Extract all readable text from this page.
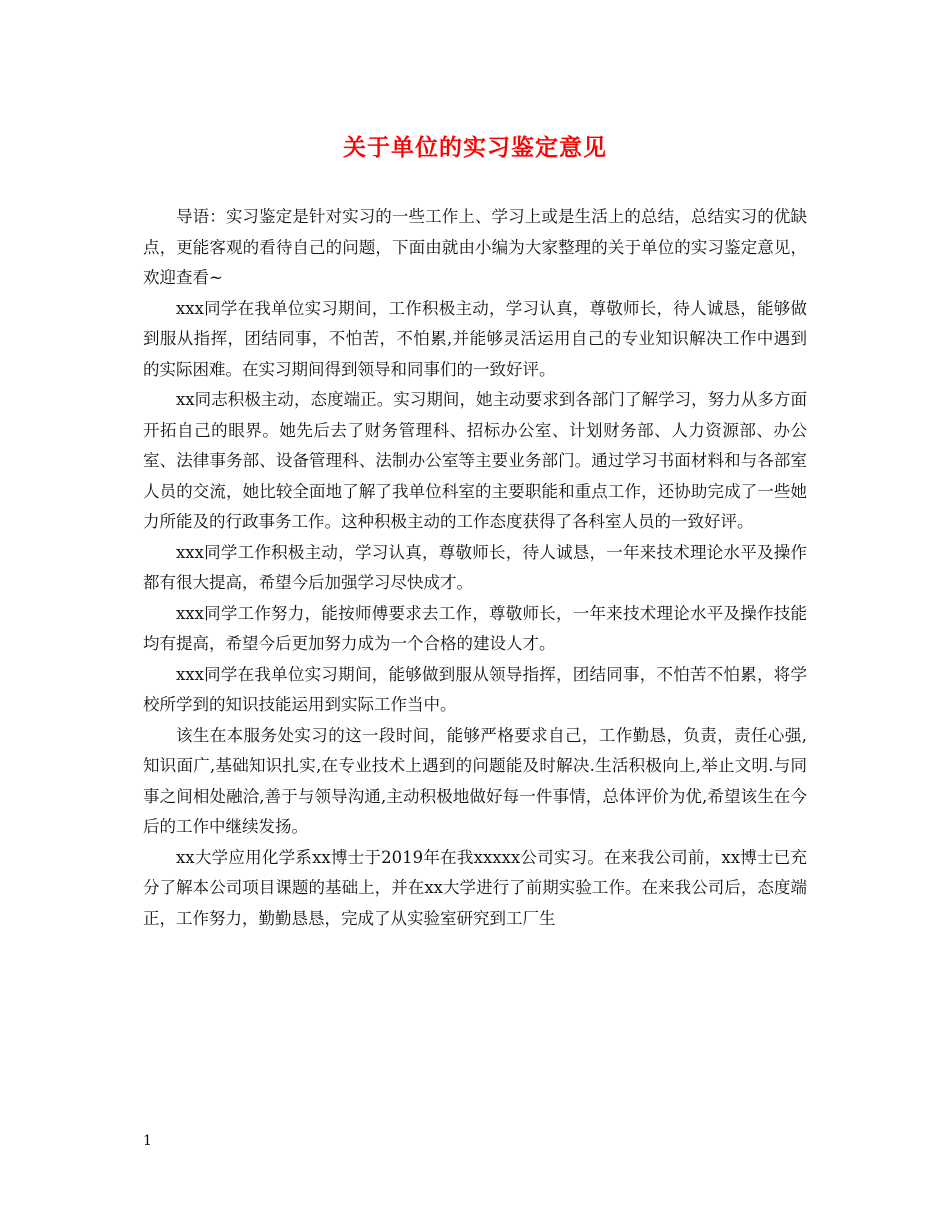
关于单位的实习鉴定意见

导语：实习鉴定是针对实习的一些工作上、学习上或是生活上的总结，总结实习的优缺点，更能客观的看待自己的问题，下面由就由小编为大家整理的关于单位的实习鉴定意见，欢迎查看~

xxx同学在我单位实习期间，工作积极主动，学习认真，尊敬师长，待人诚恳，能够做到服从指挥，团结同事，不怕苦，不怕累,并能够灵活运用自己的专业知识解决工作中遇到的实际困难。在实习期间得到领导和同事们的一致好评。

xx同志积极主动，态度端正。实习期间，她主动要求到各部门了解学习，努力从多方面开拓自己的眼界。她先后去了财务管理科、招标办公室、计划财务部、人力资源部、办公室、法律事务部、设备管理科、法制办公室等主要业务部门。通过学习书面材料和与各部室人员的交流，她比较全面地了解了我单位科室的主要职能和重点工作，还协助完成了一些她力所能及的行政事务工作。这种积极主动的工作态度获得了各科室人员的一致好评。

xxx同学工作积极主动，学习认真，尊敬师长，待人诚恳，一年来技术理论水平及操作都有很大提高，希望今后加强学习尽快成才。

xxx同学工作努力，能按师傅要求去工作，尊敬师长，一年来技术理论水平及操作技能均有提高，希望今后更加努力成为一个合格的建设人才。

xxx同学在我单位实习期间，能够做到服从领导指挥，团结同事，不怕苦不怕累，将学校所学到的知识技能运用到实际工作当中。

该生在本服务处实习的这一段时间，能够严格要求自己，工作勤恳，负责，责任心强,知识面广,基础知识扎实,在专业技术上遇到的问题能及时解决.生活积极向上,举止文明.与同事之间相处融洽,善于与领导沟通,主动积极地做好每一件事情，总体评价为优,希望该生在今后的工作中继续发扬。

xx大学应用化学系xx博士于2019年在我xxxxx公司实习。在来我公司前，xx博士已充分了解本公司项目课题的基础上，并在xx大学进行了前期实验工作。在来我公司后，态度端正，工作努力，勤勤恳恳，完成了从实验室研究到工厂生

1
